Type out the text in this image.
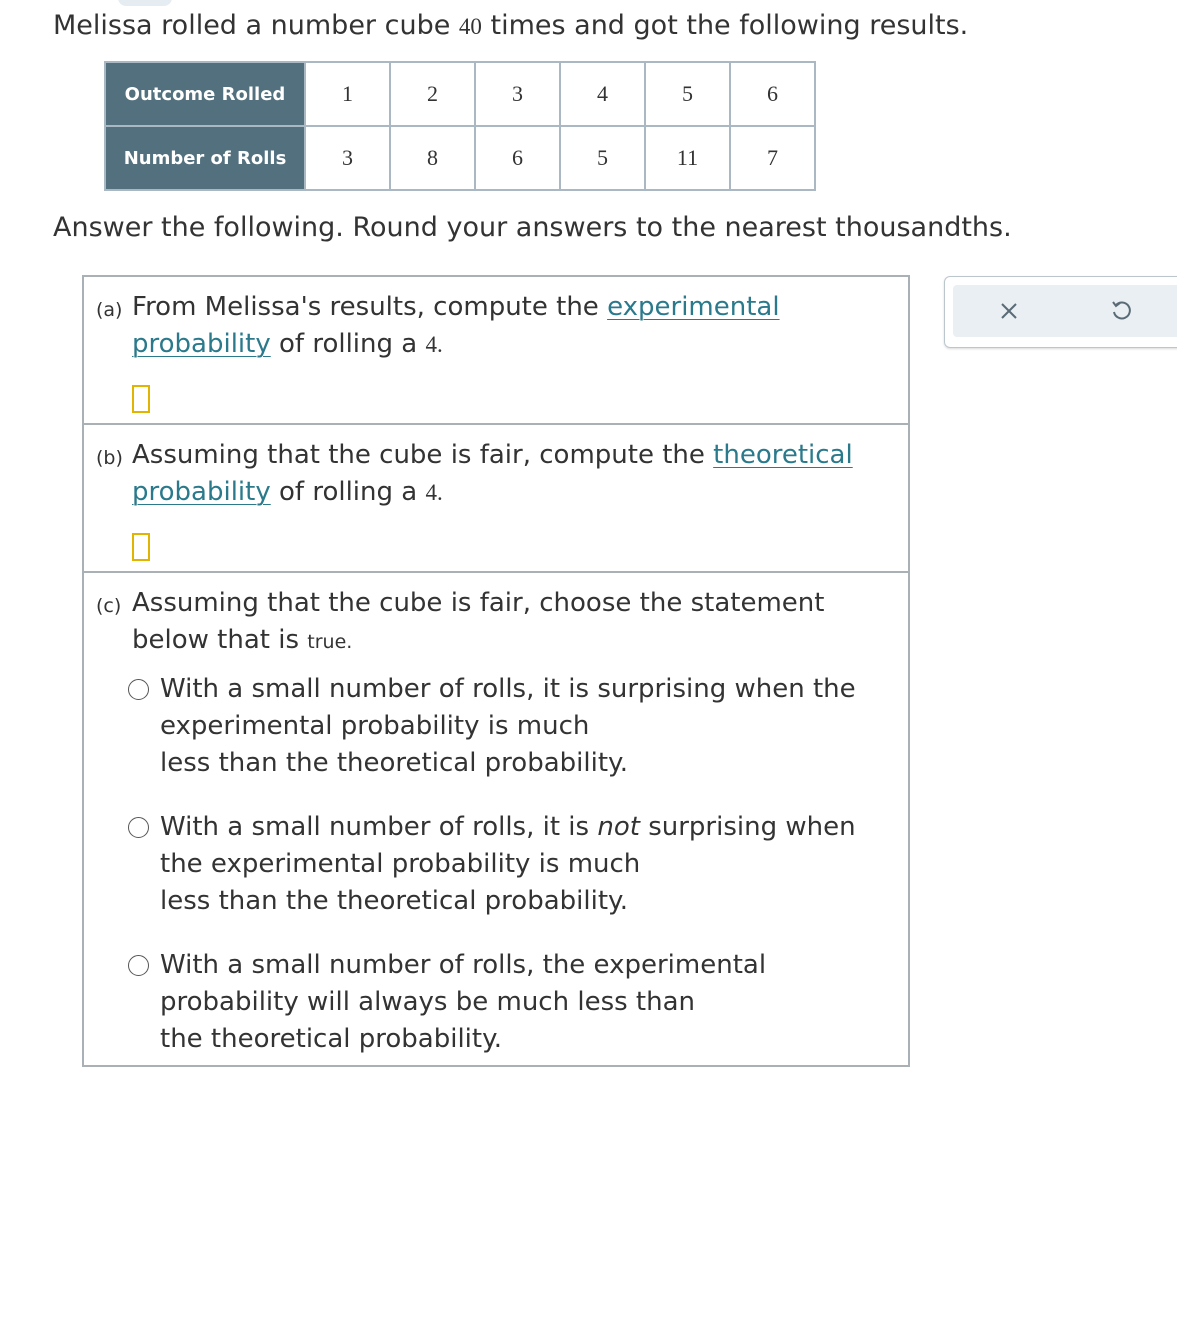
Melissa rolled a number cube 40 times and got the following results.
Outcome Rolled	1	2	3	4	5	6
Number of Rolls	3	8	6	5	11	7
Answer the following. Round your answers to the nearest thousandths.
(a) From Melissa's results, compute the experimental probability of rolling a 4.
(b) Assuming that the cube is fair, compute the theoretical probability of rolling a 4.
(c) Assuming that the cube is fair, choose the statement below that is true.
With a small number of rolls, it is surprising when the
experimental probability is much
less than the theoretical probability.
With a small number of rolls, it is not surprising when
the experimental probability is much
less than the theoretical probability.
With a small number of rolls, the experimental
probability will always be much less than
the theoretical probability.
